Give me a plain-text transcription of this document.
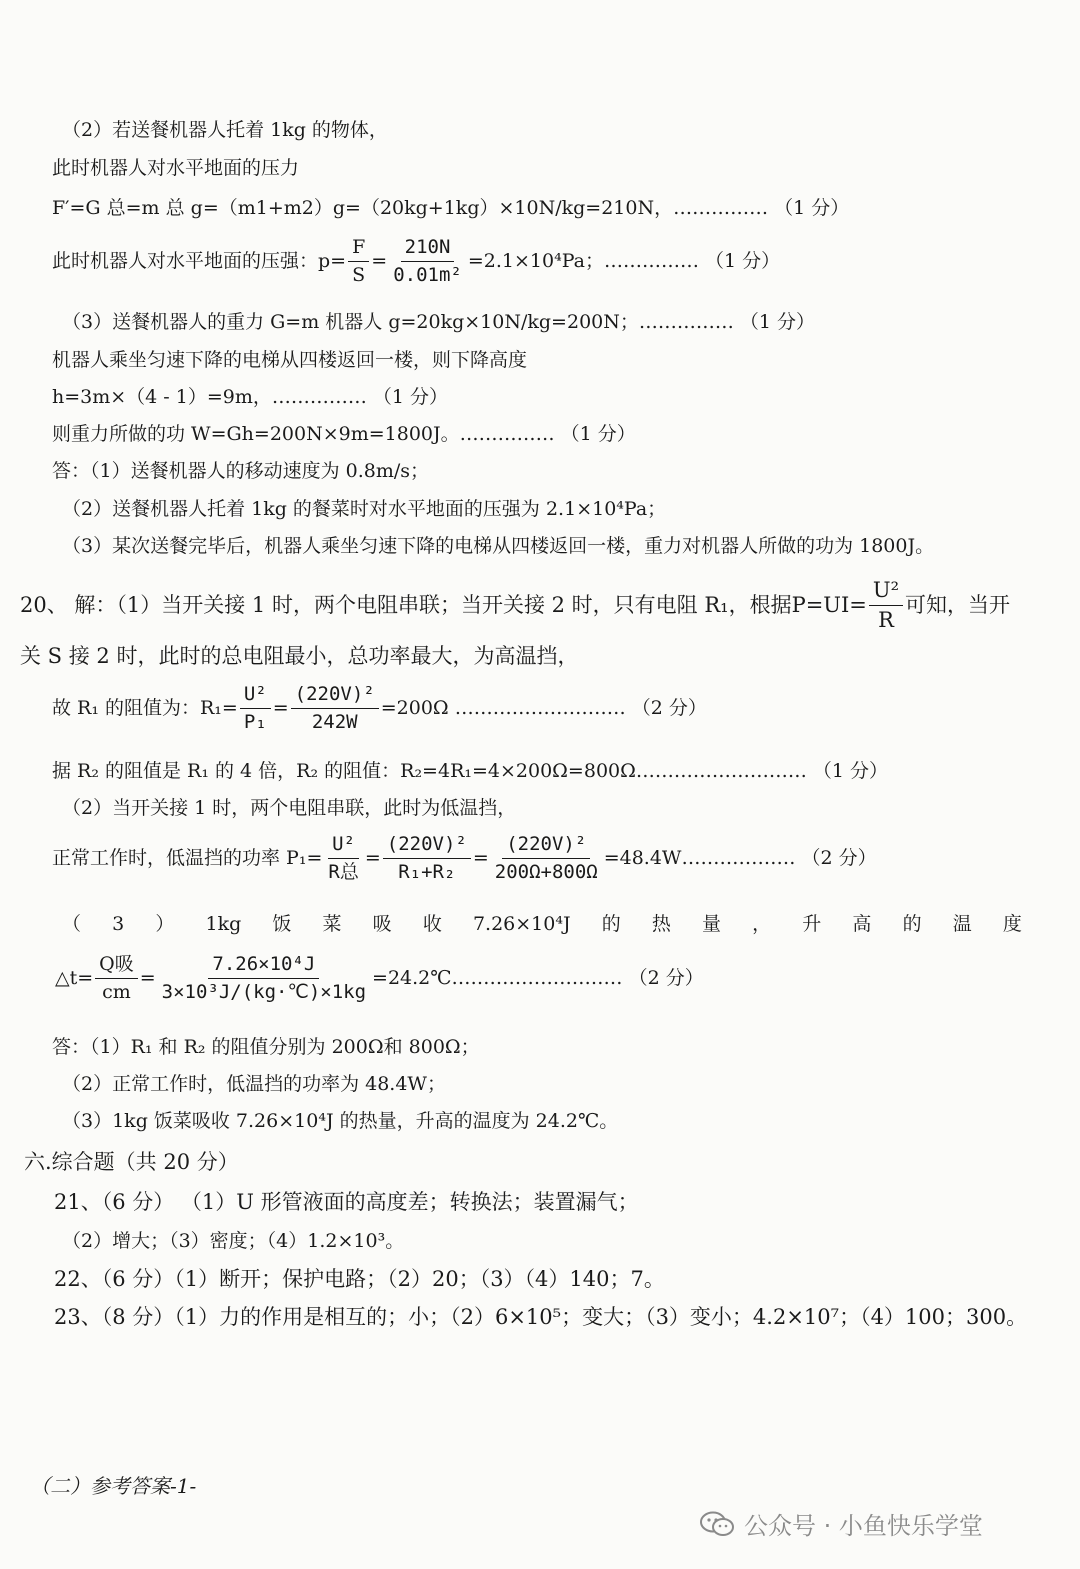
（2）若送餐机器人托着 1kg 的物体，
此时机器人对水平地面的压力
F′=G 总=m 总 g=（m1+m2）g=（20kg+1kg）×10N/kg=210N，…………… （1 分）
此时机器人对水平地面的压强：$p= \frac{F}{S} = \frac{210N}{\text{0.01m²}} =2.1\times 10^4Pa$；…………… （1 分）
（3）送餐机器人的重力 G=m 机器人 g=20kg×10N/kg=200N；…………… （1 分）
机器人乘坐匀速下降的电梯从四楼返回一楼，则下降高度
h=3m×（4 - 1）=9m，…………… （1 分）
则重力所做的功 W=Gh=200N×9m=1800J。…………… （1 分）
答：（1）送餐机器人的移动速度为 0.8m/s；
（2）送餐机器人托着 1kg 的餐菜时对水平地面的压强为 2.1×10⁴Pa；
（3）某次送餐完毕后，机器人乘坐匀速下降的电梯从四楼返回一楼，重力对机器人所做的功为 1800J。
20、 解：（1）当开关接 1 时，两个电阻串联；当开关接 2 时，只有电阻 R₁，根据$P=UI= \frac{\text{U²}}{R}$ 可知，当开
关 S 接 2 时，此时的总电阻最小，总功率最大，为高温挡，
故 R₁ 的阻值为：$R_1= \frac{\text{U²}}{\text{P₁}} = \frac{\text{(220V)²}}{242W} =200\Omega$ ……………………… （2 分）
据 R₂ 的阻值是 R₁ 的 4 倍，R₂ 的阻值：R₂=4R₁=4×200Ω=800Ω……………………… （1 分）
（2）当开关接 1 时，两个电阻串联，此时为低温挡，
正常工作时，低温挡的功率 $P_1= \frac{\text{U²}}{\text{R总}} = \frac{\text{(220V)²}}{\text{R₁+R₂}} = \frac{\text{(220V)²}}{200\Omega+800\Omega}$ =48.4W……………… （2 分）
（ 3 ） 1kg 饭 菜 吸 收 7.26×10⁴J 的 热 量 ， 升 高 的 温 度
△t= $\frac{\text{Q吸}}{cm} = \frac{\text{7.26×10⁴J}}{\text{3×10³J/(kg·℃)×1kg}}$ =24.2℃……………………… （2 分）
答：（1）R₁ 和 R₂ 的阻值分别为 200Ω和 800Ω；
（2）正常工作时，低温挡的功率为 48.4W；
（3）1kg 饭菜吸收 7.26×10⁴J 的热量，升高的温度为 24.2℃。
六.综合题（共 20 分）
21、（6 分） （1）U 形管液面的高度差；转换法；装置漏气；
（2）增大；（3）密度；（4）1.2×10³。
22、（6 分）（1）断开；保护电路；（2）20；（3）（4）140；7。
23、（8 分）（1）力的作用是相互的；小；（2）6×10⁵；变大；（3）变小；4.2×10⁷；（4）100；300。
（二）参考答案-1-
公众号 · 小鱼快乐学堂
